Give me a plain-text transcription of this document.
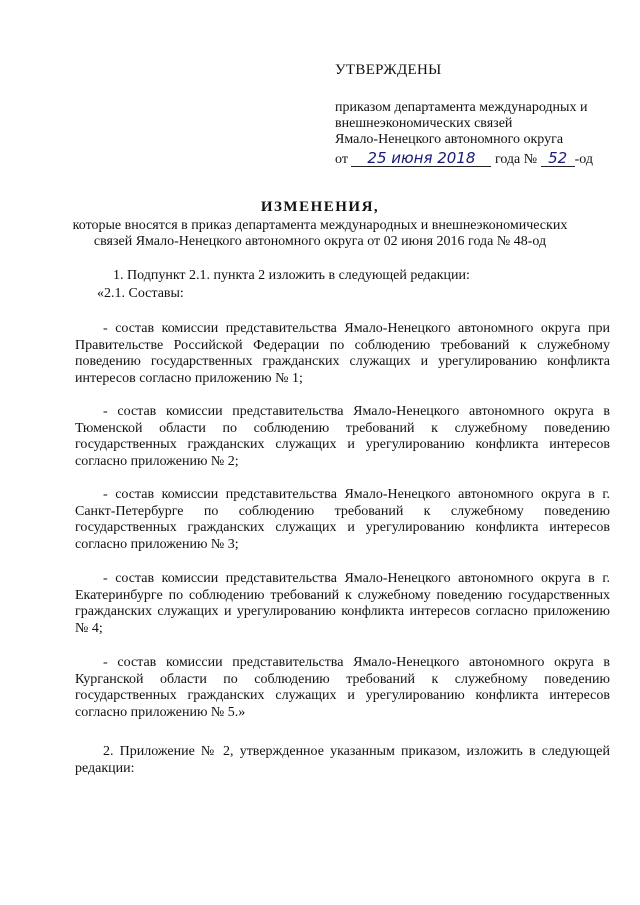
УТВЕРЖДЕНЫ
приказом департамента международных и
внешнеэкономических связей
Ямало-Ненецкого автономного округа
от 25 июня 2018 года № 52 -од
ИЗМЕНЕНИЯ,
которые вносятся в приказ департамента международных и внешнеэкономических
связей Ямало-Ненецкого автономного округа от 02 июня 2016 года № 48-од
1. Подпункт 2.1. пункта 2 изложить в следующей редакции:
«2.1. Составы:
- состав комиссии представительства Ямало-Ненецкого автономного округа при Правительстве Российской Федерации по соблюдению требований к служебному поведению государственных гражданских служащих и урегулированию конфликта интересов согласно приложению № 1;
- состав комиссии представительства Ямало-Ненецкого автономного округа в Тюменской области по соблюдению требований к служебному поведению государственных гражданских служащих и урегулированию конфликта интересов согласно приложению № 2;
- состав комиссии представительства Ямало-Ненецкого автономного округа в г. Санкт-Петербурге по соблюдению требований к служебному поведению государственных гражданских служащих и урегулированию конфликта интересов согласно приложению № 3;
- состав комиссии представительства Ямало-Ненецкого автономного округа в г. Екатеринбурге по соблюдению требований к служебному поведению государственных гражданских служащих и урегулированию конфликта интересов согласно приложению № 4;
- состав комиссии представительства Ямало-Ненецкого автономного округа в Курганской области по соблюдению требований к служебному поведению государственных гражданских служащих и урегулированию конфликта интересов согласно приложению № 5.»
2. Приложение № 2, утвержденное указанным приказом, изложить в следующей редакции:
